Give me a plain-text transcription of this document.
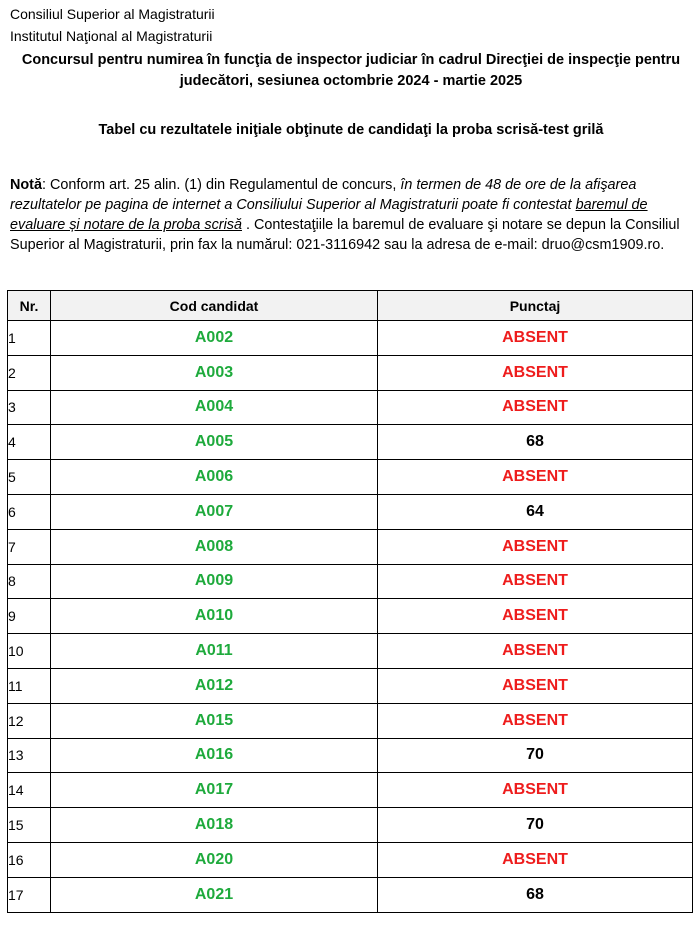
Consiliul Superior al Magistraturii
Institutul Naţional al Magistraturii
Concursul pentru numirea în funcţia de inspector judiciar în cadrul Direcţiei de inspecţie pentru judecători, sesiunea octombrie 2024 - martie 2025
Tabel cu rezultatele iniţiale obţinute de candidaţi la proba scrisă-test grilă
Notă: Conform art. 25 alin. (1) din Regulamentul de concurs, în termen de 48 de ore de la afişarea rezultatelor pe pagina de internet a Consiliului Superior al Magistraturii poate fi contestat baremul de evaluare și notare de la proba scrisă . Contestaţiile la baremul de evaluare şi notare se depun la Consiliul Superior al Magistraturii, prin fax la numărul: 021-3116942 sau la adresa de e-mail: druo@csm1909.ro.
Nr.	Cod candidat	Punctaj
1	A002	ABSENT
2	A003	ABSENT
3	A004	ABSENT
4	A005	68
5	A006	ABSENT
6	A007	64
7	A008	ABSENT
8	A009	ABSENT
9	A010	ABSENT
10	A011	ABSENT
11	A012	ABSENT
12	A015	ABSENT
13	A016	70
14	A017	ABSENT
15	A018	70
16	A020	ABSENT
17	A021	68
